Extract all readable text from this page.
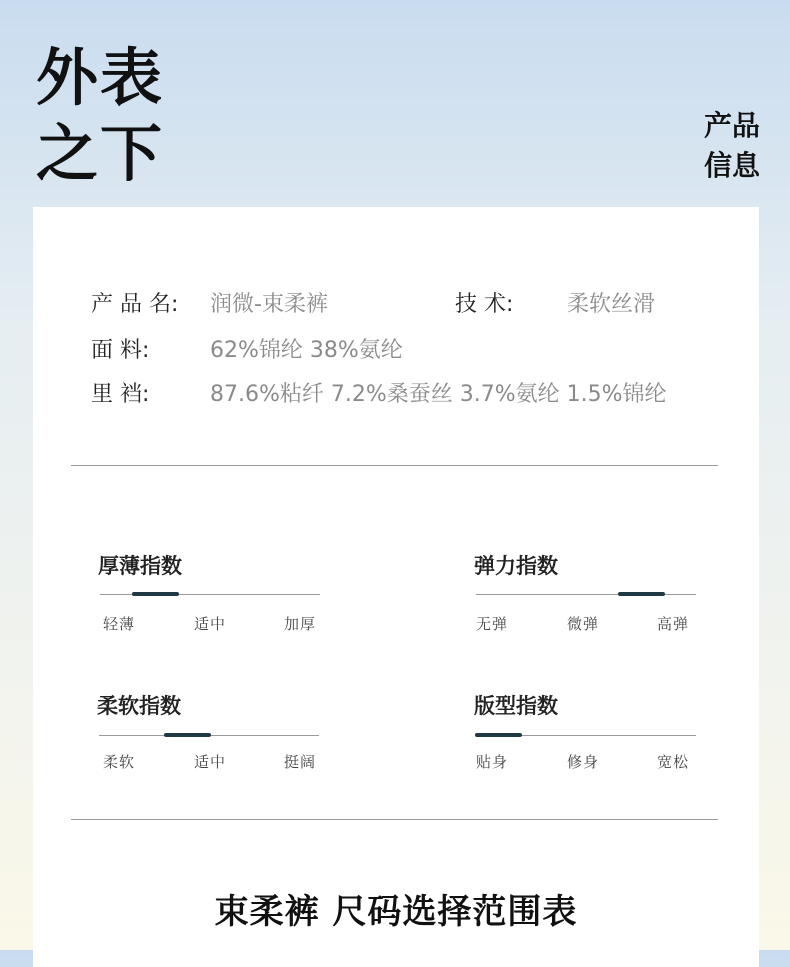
外表
之下	产品
信息
产 品 名: 润微-束柔裤	技 术: 柔软丝滑
面 料:	62%锦纶 38%氨纶
里 裆:	87.6%粘纤 7.2%桑蚕丝 3.7%氨纶 1.5%锦纶
厚薄指数
轻薄	适中	加厚
弹力指数
无弹	微弹	高弹
柔软指数
柔软	适中	挺阔
版型指数
贴身	修身	宽松
束柔裤 尺码选择范围表
